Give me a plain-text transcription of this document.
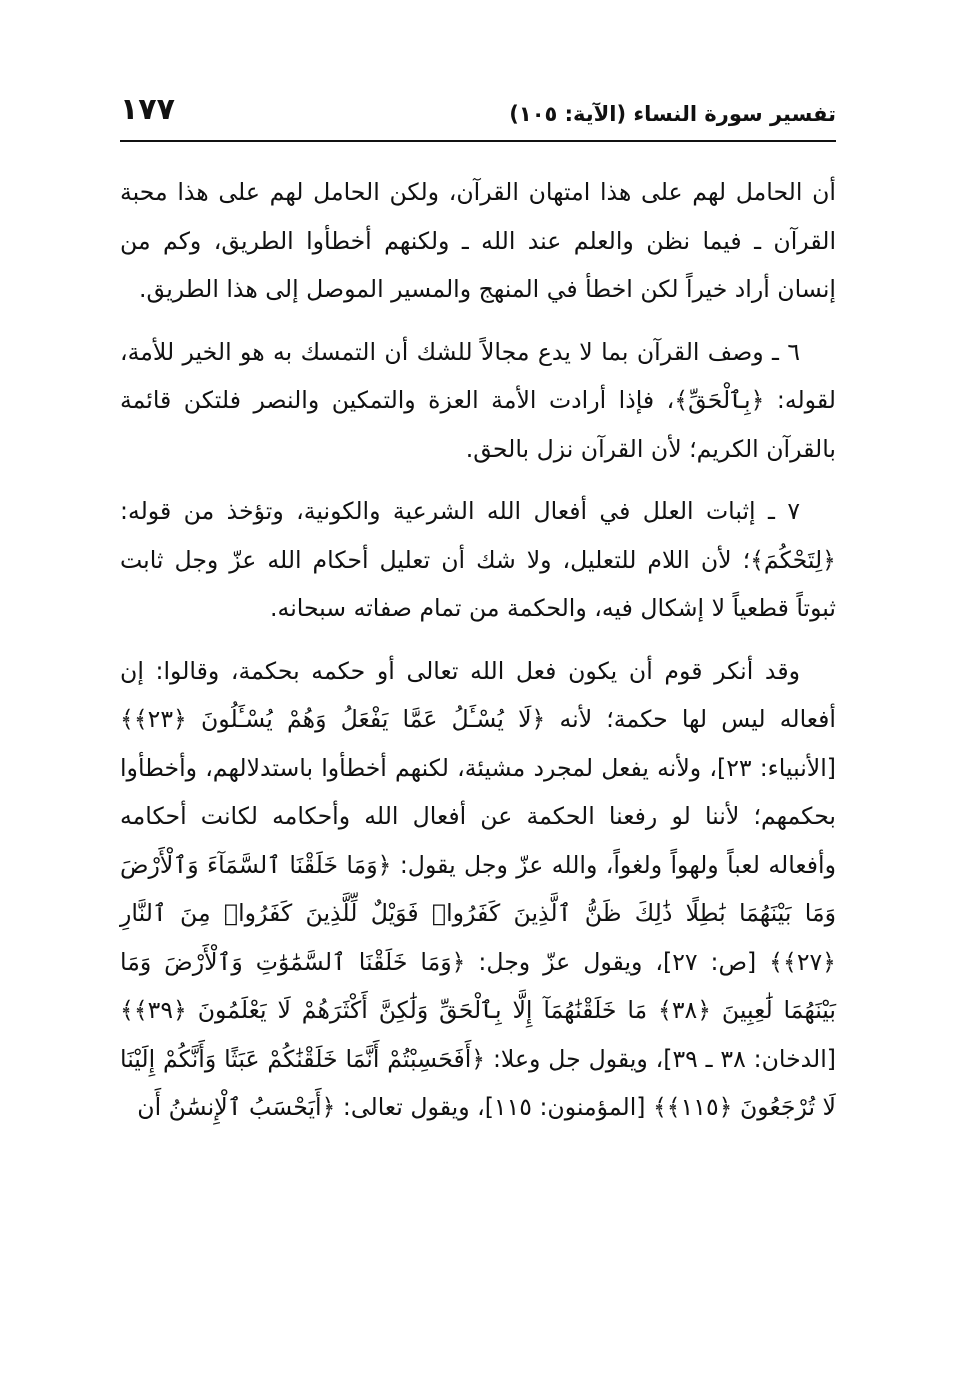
تفسير سورة النساء (الآية: ١٠٥)
١٧٧

أن الحامل لهم على هذا امتهان القرآن، ولكن الحامل لهم على هذا محبة القرآن ـ فيما نظن والعلم عند الله ـ ولكنهم أخطأوا الطريق، وكم من إنسان أراد خيراً لكن اخطأ في المنهج والمسير الموصل إلى هذا الطريق.

٦ ـ وصف القرآن بما لا يدع مجالاً للشك أن التمسك به هو الخير للأمة، لقوله: ﴿بِٱلْحَقِّ﴾، فإذا أرادت الأمة العزة والتمكين والنصر فلتكن قائمة بالقرآن الكريم؛ لأن القرآن نزل بالحق.

٧ ـ إثبات العلل في أفعال الله الشرعية والكونية، وتؤخذ من قوله: ﴿لِتَحْكُمَ﴾؛ لأن اللام للتعليل، ولا شك أن تعليل أحكام الله عزّ وجل ثابت ثبوتاً قطعياً لا إشكال فيه، والحكمة من تمام صفاته سبحانه.

وقد أنكر قوم أن يكون فعل الله تعالى أو حكمه بحكمة، وقالوا: إن أفعاله ليس لها حكمة؛ لأنه ﴿لَا يُسْـَٔلُ عَمَّا يَفْعَلُ وَهُمْ يُسْـَٔلُونَ ﴿٢٣﴾﴾ [الأنبياء: ٢٣]، ولأنه يفعل لمجرد مشيئة، لكنهم أخطأوا باستدلالهم، وأخطأوا بحكمهم؛ لأننا لو رفعنا الحكمة عن أفعال الله وأحكامه لكانت أحكامه وأفعاله لعباً ولهواً ولغواً، والله عزّ وجل يقول: ﴿وَمَا خَلَقْنَا ٱلسَّمَآءَ وَٱلْأَرْضَ وَمَا بَيْنَهُمَا بَٰطِلًا ذَٰلِكَ ظَنُّ ٱلَّذِينَ كَفَرُوا۟ فَوَيْلٌ لِّلَّذِينَ كَفَرُوا۟ مِنَ ٱلنَّارِ ﴿٢٧﴾﴾ [ص: ٢٧]، ويقول عزّ وجل: ﴿وَمَا خَلَقْنَا ٱلسَّمَٰوَٰتِ وَٱلْأَرْضَ وَمَا بَيْنَهُمَا لَٰعِبِينَ ﴿٣٨﴾ مَا خَلَقْنَٰهُمَآ إِلَّا بِٱلْحَقِّ وَلَٰكِنَّ أَكْثَرَهُمْ لَا يَعْلَمُونَ ﴿٣٩﴾﴾ [الدخان: ٣٨ ـ ٣٩]، ويقول جل وعلا: ﴿أَفَحَسِبْتُمْ أَنَّمَا خَلَقْنَٰكُمْ عَبَثًا وَأَنَّكُمْ إِلَيْنَا لَا تُرْجَعُونَ ﴿١١٥﴾﴾ [المؤمنون: ١١٥]، ويقول تعالى: ﴿أَيَحْسَبُ ٱلْإِنسَٰنُ أَن
